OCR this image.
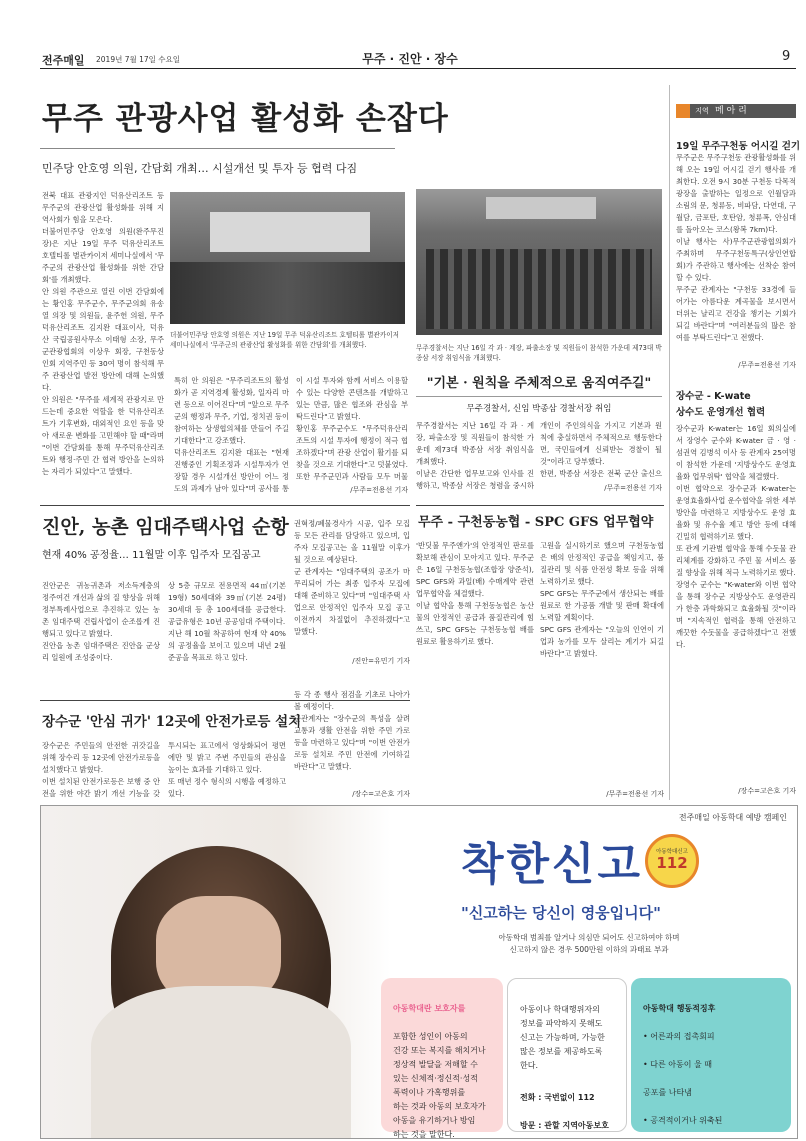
전주매일 2019년 7월 17일 수요일	무주 · 진안 · 장수	9
무주 관광사업 활성화 손잡다
민주당 안호영 의원, 간담회 개최… 시설개선 및 투자 등 협력 다짐
전북 대표 관광지인 덕유산리조트 등 무주군의 관광산업 활성화를 위해 지역사회가 힘을 모은다.
더불어민주당 안호영 의원(완주무진장)은 지난 19일 무주 덕유산리조트 호텔티롤 별관카이저 세미나실에서 '무주군의 관광산업 활성화를 위한 간담회'를 개최했다.
안 의원 주관으로 열린 이번 간담회에는 황인홍 무주군수, 무주군의회 유송열 의장 및 의원들, 윤주헌 의원, 무주 덕유산리조트 김지완 대표이사, 덕유산 국립공원사무소 이태형 소장, 무주군관광협회의 이상우 회장, 구천동상인회 지역주민 등 30여 명이 참석해 무주 관광산업 발전 방안에 대해 논의했다.
안 의원은 "무주를 세계적 관광지로 만드는데 중요한 역할을 한 덕유산리조트가 기후변화, 대외적인 요인 등을 맞아 새로운 변화를 고민해야 할 때"라며 "이번 간담회를 통해 무주덕유산리조트와 행정·주민 간 협력 방안을 논의하는 자리가 되었다"고 말했다.
더불어민주당 안호영 의원은 지난 19일 무주 덕유산리조트 호텔티롤 별관카이저 세미나실에서 '무주군의 관광산업 활성화를 위한 간담회'를 개최했다.
특히 안 의원은 "무주리조트의 활성화가 곧 지역경제 활성화, 일자리 마련 등으로 이어진다"며 "앞으로 무주군의 행정과 무주, 기업, 정치권 등이 참여하는 상생협의체를 만들어 주길 기대한다"고 강조했다.
덕유산리조트 김지완 대표는 "현재 진행중인 기획조정과 시설투자가 연장할 경우 시설개선 방안이 어느 정도의 과제가 남아 있다"며 공사를 통
이 시설 투자와 함께 서비스 이용할 수 있는 다양한 콘텐츠를 개발하고 있는 만큼, 많은 협조와 관심을 부탁드린다"고 밝혔다.
황인홍 무주군수도 "무주덕유산리조트의 시설 투자에 행정이 적극 협조하겠다"며 관광 산업이 활기를 되찾을 것으로 기대한다"고 덧붙였다. 또한 무주군민과 사람들 모두 머물
/무주=전용선 기자
무주경찰서는 지난 16일 각 과 · 계장, 파출소장 및 직원들이 참석한 가운데 제73대 박종삼 서장 취임식을 개최했다.
"기본 · 원칙을 주체적으로 움직여주길"
무주경찰서, 신임 박종삼 경찰서장 취임
무주경찰서는 지난 16일 각 과 · 계장, 파출소장 및 직원들이 참석한 가운데 제73대 박종삼 서장 취임식을 개최했다.
이날은 간단한 업무보고와 인사를 진행하고, 박종삼 서장은 청렴을 중시하
개인이 주인의식을 가지고 기본과 원칙에 충실하면서 주체적으로 행동한다면, 국민들에게 신뢰받는 경찰이 될 것"이라고 당부했다.
한편, 박종삼 서장은 전북 군산 출신으
/무주=전용선 기자
지역 메 아 리
19일 무주구천동 어시길 걷기
무주군은 무주구천동 관광활성화를 위해 오는 19일 어시길 걷기 행사를 개최한다. 오전 9시 30분 구천동 다목적광장을 출발하는 일정으로 인월담과 소림의 문, 청류동, 비파담, 다연대, 구월담, 금포탄, 호탄암, 청류폭, 안심대를 돌아오는 코스(왕복 7km)다.
이날 행사는 사)무주군관광협의회가 주최하며 무주구천동특구(상인연합회)가 주관하고 행사에는 선착순 참여할 수 있다.
무주군 관계자는 "구천동 33경에 들어가는 아름다운 계곡물을 보시면서 더위는 날리고 건강을 챙기는 기회가 되길 바란다"며 "여러분들의 많은 참여를 부탁드린다"고 전했다.
/무주=전용선 기자
장수군 - K-wate
상수도 운영개선 협력
장수군과 K-water는 16일 회의실에서 장영수 군수와 K-water 금 · 영 · 섬권역 김병석 이사 등 관계자 25여명이 참석한 가운데 '지방상수도 운영효율화 업무위탁' 협약을 체결했다.
이번 협약으로 장수군과 K-water는 운영효율화사업 운수협약을 위한 세부방안을 마련하고 지방상수도 운영 효율화 및 유수율 제고 방안 등에 대해 긴밀히 협력하기로 했다.
또 관계 기관별 협약을 통해 수돗물 관리체계를 강화하고 주민 물 서비스 품질 향상을 위해 적극 노력하기로 했다.
장영수 군수는 "K-water와 이번 협약을 통해 장수군 지방상수도 운영관리가 한층 과학화되고 효율화될 것"이라며 "지속적인 협력을 통해 안전하고 깨끗한 수돗물을 공급하겠다"고 전했다.
/장수=고은호 기자
진안, 농촌 임대주택사업 순항
현재 40% 공정율… 11월말 이후 입주자 모집공고
진안군은 귀농귀촌과 저소득계층의 정주여건 개선과 삶의 질 향상을 위해 정부특례사업으로 추진하고 있는 농촌 임대주택 건립사업이 순조롭게 진행되고 있다고 밝혔다.
진안읍 농촌 임대주택은 진안읍 군상리 일원에 조성중이다.
상 5층 규모로 전용면적 44㎡(기본 19형) 50세대와 39㎡(기본 24평) 30세대 등 총 100세대를 공급한다. 공급유형은 10년 공공임대 주택이다.
지난 해 10월 착공하여 현재 약 40%의 공정율을 보이고 있으며 내년 2월 준공을 목표로 하고 있다.
권혁정/폐물경사가 시공, 입주 모집 등 모든 관리를 담당하고 있으며, 입주자 모집공고는 올 11월말 이후가 될 것으로 예상된다.
군 관계자는 "임대주택의 공조가 마무리되어 가는 최종 입주자 모집에 대해 준비하고 있다"며 "임대주택 사업으로 안정적인 입주자 모집 공고 이전까지 차질없이 추진하겠다"고 말했다.
/진안=유민기 기자
장수군 '안심 귀가' 12곳에 안전가로등 설치
장수군은 주민들의 안전한 귀갓길을 위해 장수리 등 12곳에 안전가로등을 설치했다고 밝혔다.
이번 설치된 안전가로등은 보행 중 안전을 위한 야간 밝기 개선 기능을 갖
투시되는 표고에서 영상화되어 평면에만 및 밝고 주변 주민들의 관심을 높이는 효과를 기대하고 있다.
또 매년 정수 형식의 시행을 예정하고 있다.
등 각 종 행사 점검을 기초로 나아가 볼 예정이다.
군관계자는 "장수군의 특성을 살려 교통과 생활 안전을 위한 주민 가로등을 마련하고 있다"며 "이번 안전가로등 설치로 주민 안전에 기여하길 바란다"고 말했다.
/장수=고은호 기자
무주 - 구천동농협 - SPC GFS 업무협약
'반딧불 무주앤가'의 안정적인 판로를 확보해 관심이 모아지고 있다. 무주군은 16일 구천동농협(조합장 양준석), SPC GFS와 과일(배) 수매계약 관련 업무협약을 체결했다.
이날 협약을 통해 구천동농협은 농산물의 안정적인 공급과 품질관리에 힘쓰고, SPC GFS는 구천동농협 배를 원료로 활용하기로 했다.
고원을 실시하기로 했으며 구천동농협은 배의 안정적인 공급을 책임지고, 품질관리 및 식품 안전성 확보 등을 위해 노력하기로 했다.
SPC GFS는 무주군에서 생산되는 배를 원료로 한 가공품 개발 및 판매 확대에 노력할 계획이다.
SPC GFS 관계자는 "오늘의 인연이 기업과 농가를 모두 살리는 계기가 되길 바란다"고 밝혔다.
/무주=전용선 기자
전주매일 아동학대 예방 캠페인
착한신고	아동학대신고
112
"신고하는 당신이 영웅입니다"
아동학대 범죄를 알거나 의심만 되어도 신고하여야 하며
신고하지 않은 경우 500만원 이하의 과태료 부과

아동학대란 보호자를

포함한 성인이 아동의
건강 또는 복지를 해치거나
정상적 발달을 저해할 수
있는 신체적·정신적·성적
폭력이나 가혹행위를
하는 것과 아동의 보호자가
아동을 유기하거나 방임
하는 것을 말한다.

아동이나 학대행위자의
정보를 파악하지 못해도
신고는 가능하며, 가능한
많은 정보를 제공하도록
한다.

전화 : 국번없이 112

방문 : 관할 지역아동보호

아동학대 행동적징후

• 어른과의 접촉회피

• 다른 아동이 울 때

공포를 나타냄

• 공격적이거나 위축된
